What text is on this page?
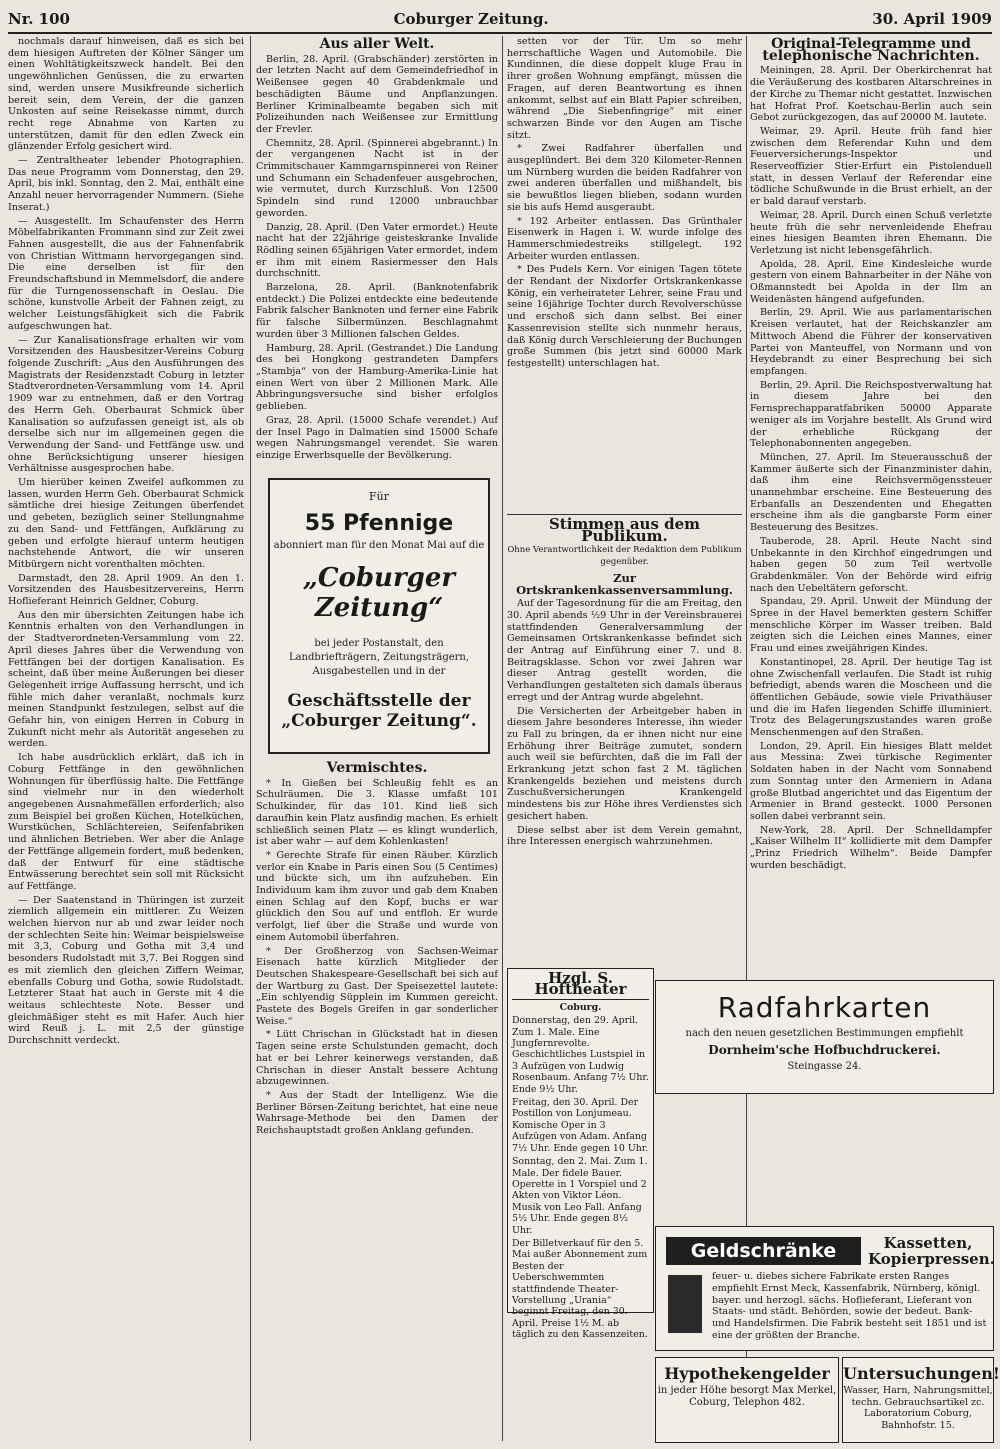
Nr. 100	Coburger Zeitung.	30. April 1909

nochmals darauf hinweisen, daß es sich bei dem hiesigen Auftreten der Kölner Sänger um einen Wohltätigkeitszweck handelt. Bei den ungewöhnlichen Genüssen, die zu erwarten sind, werden unsere Musikfreunde sicherlich bereit sein, dem Verein, der die ganzen Unkosten auf seine Reisekasse nimmt, durch recht rege Abnahme von Karten zu unterstützen, damit für den edlen Zweck ein glänzender Erfolg gesichert wird.

— Zentraltheater lebender Photographien. Das neue Programm vom Donnerstag, den 29. April, bis inkl. Sonntag, den 2. Mai, enthält eine Anzahl neuer hervorragender Nummern. (Siehe Inserat.)

— Ausgestellt. Im Schaufenster des Herrn Möbelfabrikanten Frommann sind zur Zeit zwei Fahnen ausgestellt, die aus der Fahnenfabrik von Christian Wittmann hervorgegangen sind. Die eine derselben ist für den Freundschaftsbund in Memmelsdorf, die andere für die Turngenossenschaft in Oeslau. Die schöne, kunstvolle Arbeit der Fahnen zeigt, zu welcher Leistungsfähigkeit sich die Fabrik aufgeschwungen hat.

— Zur Kanalisationsfrage erhalten wir vom Vorsitzenden des Hausbesitzer-Vereins Coburg folgende Zuschrift: „Aus den Ausführungen des Magistrats der Residenzstadt Coburg in letzter Stadtverordneten-Versammlung vom 14. April 1909 war zu entnehmen, daß er den Vortrag des Herrn Geh. Oberbaurat Schmick über Kanalisation so aufzufassen geneigt ist, als ob derselbe sich nur im allgemeinen gegen die Verwendung der Sand- und Fettfänge usw. und ohne Berücksichtigung unserer hiesigen Verhältnisse ausgesprochen habe.

Um hierüber keinen Zweifel aufkommen zu lassen, wurden Herrn Geh. Oberbaurat Schmick sämtliche drei hiesige Zeitungen überfendet und gebeten, bezüglich seiner Stellungnahme zu den Sand- und Fettfängen, Aufklärung zu geben und erfolgte hierauf unterm heutigen nachstehende Antwort, die wir unseren Mitbürgern nicht vorenthalten möchten.

Darmstadt, den 28. April 1909. An den 1. Vorsitzenden des Hausbesitzervereins, Herrn Hoflieferant Heinrich Geldner, Coburg.

Aus den mir übersichten Zeitungen habe ich Kenntnis erhalten von den Verhandlungen in der Stadtverordneten-Versammlung vom 22. April dieses Jahres über die Verwendung von Fettfängen bei der dortigen Kanalisation. Es scheint, daß über meine Äußerungen bei dieser Gelegenheit irrige Auffassung herrscht, und ich fühle mich daher veranlaßt, nochmals kurz meinen Standpunkt festzulegen, selbst auf die Gefahr hin, von einigen Herren in Coburg in Zukunft nicht mehr als Autorität angesehen zu werden.

Ich habe ausdrücklich erklärt, daß ich in Coburg Fettfänge in den gewöhnlichen Wohnungen für überflüssig halte. Die Fettfänge sind vielmehr nur in den wiederholt angegebenen Ausnahmefällen erforderlich; also zum Beispiel bei großen Küchen, Hotelküchen, Wurstküchen, Schlächtereien, Seifenfabriken und ähnlichen Betrieben. Wer aber die Anlage der Fettfänge allgemein fordert, muß bedenken, daß der Entwurf für eine städtische Entwässerung berechtet sein soll mit Rücksicht auf Fettfänge.

— Der Saatenstand in Thüringen ist zurzeit ziemlich allgemein ein mittlerer. Zu Weizen welchen hiervon nur ab und zwar leider noch der schlechten Seite hin: Weimar beispielsweise mit 3,3, Coburg und Gotha mit 3,4 und besonders Rudolstadt mit 3,7. Bei Roggen sind es mit ziemlich den gleichen Ziffern Weimar, ebenfalls Coburg und Gotha, sowie Rudolstadt. Letzterer Staat hat auch in Gerste mit 4 die weitaus schlechteste Note. Besser und gleichmäßiger steht es mit Hafer. Auch hier wird Reuß j. L. mit 2,5 der günstige Durchschnitt verdeckt.

Aus aller Welt.

Berlin, 28. April. (Grabschänder) zerstörten in der letzten Nacht auf dem Gemeindefriedhof in Weißensee gegen 40 Grabdenkmale und beschädigten Bäume und Anpflanzungen. Berliner Kriminalbeamte begaben sich mit Polizeihunden nach Weißensee zur Ermittlung der Frevler.

Chemnitz, 28. April. (Spinnerei abgebrannt.) In der vergangenen Nacht ist in der Crimmitschauer Kammgarnspinnerei von Reiner und Schumann ein Schadenfeuer ausgebrochen, wie vermutet, durch Kurzschluß. Von 12500 Spindeln sind rund 12000 unbrauchbar geworden.

Danzig, 28. April. (Den Vater ermordet.) Heute nacht hat der 22jährige geisteskranke Invalide Rödling seinen 65jährigen Vater ermordet, indem er ihm mit einem Rasiermesser den Hals durchschnitt.

Barzelona, 28. April. (Banknotenfabrik entdeckt.) Die Polizei entdeckte eine bedeutende Fabrik falscher Banknoten und ferner eine Fabrik für falsche Silbermünzen. Beschlagnahmt wurden über 3 Millionen falschen Geldes.

Hamburg, 28. April. (Gestrandet.) Die Landung des bei Hongkong gestrandeten Dampfers „Stambja“ von der Hamburg-Amerika-Linie hat einen Wert von über 2 Millionen Mark. Alle Abbringungsversuche sind bisher erfolglos geblieben.

Graz, 28. April. (15000 Schafe verendet.) Auf der Insel Pago in Dalmatien sind 15000 Schafe wegen Nahrungsmangel verendet. Sie waren einzige Erwerbsquelle der Bevölkerung.

Für
55 Pfennige
abonniert man für den Monat Mai auf die
„Coburger Zeitung“
bei jeder Postanstalt, den Landbriefträgern, Zeitungsträgern, Ausgabestellen und in der
Geschäftsstelle der „Coburger Zeitung“.
Vermischtes.

* In Gießen bei Schleußig fehlt es an Schulräumen. Die 3. Klasse umfaßt 101 Schulkinder, für das 101. Kind ließ sich daraufhin kein Platz ausfindig machen. Es erhielt schließlich seinen Platz — es klingt wunderlich, ist aber wahr — auf dem Kohlenkasten!

* Gerechte Strafe für einen Räuber. Kürzlich verlor ein Knabe in Paris einen Sou (5 Centimes) und bückte sich, um ihn aufzuheben. Ein Individuum kam ihm zuvor und gab dem Knaben einen Schlag auf den Kopf, buchs er war glücklich den Sou auf und entfloh. Er wurde verfolgt, lief über die Straße und wurde von einem Automobil überfahren.

* Der Großherzog von Sachsen-Weimar Eisenach hatte kürzlich Mitglieder der Deutschen Shakespeare-Gesellschaft bei sich auf der Wartburg zu Gast. Der Speisezettel lautete: „Ein schlyendig Süpplein im Kummen gereicht. Pastete des Bogels Greifen in gar sonderlicher Weise.“

* Lütt Chrischan in Glückstadt hat in diesen Tagen seine erste Schulstunden gemacht, doch hat er bei Lehrer keinerwegs verstanden, daß Chrischan in dieser Anstalt bessere Achtung abzugewinnen.

* Aus der Stadt der Intelligenz. Wie die Berliner Börsen-Zeitung berichtet, hat eine neue Wahrsage-Methode bei den Damen der Reichshauptstadt großen Anklang gefunden.

setten vor der Tür. Um so mehr herrschaftliche Wagen und Automobile. Die Kundinnen, die diese doppelt kluge Frau in ihrer großen Wohnung empfängt, müssen die Fragen, auf deren Beantwortung es ihnen ankommt, selbst auf ein Blatt Papier schreiben, während „Die Siebenfingrige“ mit einer schwarzen Binde vor den Augen am Tische sitzt.

* Zwei Radfahrer überfallen und ausgeplündert. Bei dem 320 Kilometer-Rennen um Nürnberg wurden die beiden Radfahrer von zwei anderen überfallen und mißhandelt, bis sie bewußtlos liegen blieben, sodann wurden sie bis aufs Hemd ausgeraubt.

* 192 Arbeiter entlassen. Das Grünthaler Eisenwerk in Hagen i. W. wurde infolge des Hammerschmiedestreiks stillgelegt. 192 Arbeiter wurden entlassen.

* Des Pudels Kern. Vor einigen Tagen tötete der Rendant der Nixdorfer Ortskrankenkasse König, ein verheirateter Lehrer, seine Frau und seine 16jährige Tochter durch Revolverschüsse und erschoß sich dann selbst. Bei einer Kassenrevision stellte sich nunmehr heraus, daß König durch Verschleierung der Buchungen große Summen (bis jetzt sind 60000 Mark festgestellt) unterschlagen hat.

Stimmen aus dem Publikum.
Ohne Verantwortlichkeit der Redaktion dem Publikum gegenüber.
Zur Ortskrankenkassenversammlung.

Auf der Tagesordnung für die am Freitag, den 30. April abends ½9 Uhr in der Vereinsbrauerei stattfindenden Generalversammlung der Gemeinsamen Ortskrankenkasse befindet sich der Antrag auf Einführung einer 7. und 8. Beitragsklasse. Schon vor zwei Jahren war dieser Antrag gestellt worden, die Verhandlungen gestalteten sich damals überaus erregt und der Antrag wurde abgelehnt.

Die Versicherten der Arbeitgeber haben in diesem Jahre besonderes Interesse, ihn wieder zu Fall zu bringen, da er ihnen nicht nur eine Erhöhung ihrer Beiträge zumutet, sondern auch weil sie befürchten, daß die im Fall der Erkrankung jetzt schon fast 2 M. täglichen Krankengelds beziehen und meistens durch Zuschußversicherungen Krankengeld mindestens bis zur Höhe ihres Verdienstes sich gesichert haben.

Diese selbst aber ist dem Verein gemahnt, ihre Interessen energisch wahrzunehmen.

Hzgl. S. Hoftheater
Coburg.

Donnerstag, den 29. April. Zum 1. Male. Eine Jungfernrevolte. Geschichtliches Lustspiel in 3 Aufzügen von Ludwig Rosenbaum. Anfang 7½ Uhr. Ende 9½ Uhr.

Freitag, den 30. April. Der Postillon von Lonjumeau. Komische Oper in 3 Aufzügen von Adam. Anfang 7½ Uhr. Ende gegen 10 Uhr.

Sonntag, den 2. Mai. Zum 1. Male. Der fidele Bauer. Operette in 1 Vorspiel und 2 Akten von Viktor Léon. Musik von Leo Fall. Anfang 5½ Uhr. Ende gegen 8½ Uhr.

Der Billetverkauf für den 5. Mai außer Abonnement zum Besten der Ueberschwemmten stattfindende Theater-Vorstellung „Urania“ beginnt Freitag, den 30. April. Preise 1½ M. ab täglich zu den Kassenzeiten.

Original-Telegramme und telephonische Nachrichten.

Meiningen, 28. April. Der Oberkirchenrat hat die Veräußerung des kostbaren Altarschreines in der Kirche zu Themar nicht gestattet. Inzwischen hat Hofrat Prof. Koetschau-Berlin auch sein Gebot zurückgezogen, das auf 20000 M. lautete.

Weimar, 29. April. Heute früh fand hier zwischen dem Referendar Kuhn und dem Feuerversicherungs-Inspektor und Reserveoffizier Stier-Erfurt ein Pistolenduell statt, in dessen Verlauf der Referendar eine tödliche Schußwunde in die Brust erhielt, an der er bald darauf verstarb.

Weimar, 28. April. Durch einen Schuß verletzte heute früh die sehr nervenleidende Ehefrau eines hiesigen Beamten ihren Ehemann. Die Verletzung ist nicht lebensgefährlich.

Apolda, 28. April. Eine Kindesleiche wurde gestern von einem Bahnarbeiter in der Nähe von Oßmannstedt bei Apolda in der Ilm an Weidenästen hängend aufgefunden.

Berlin, 29. April. Wie aus parlamentarischen Kreisen verlautet, hat der Reichskanzler am Mittwoch Abend die Führer der konservativen Partei von Manteuffel, von Normann und von Heydebrandt zu einer Besprechung bei sich empfangen.

Berlin, 29. April. Die Reichspostverwaltung hat in diesem Jahre bei den Fernsprechapparatfabriken 50000 Apparate weniger als im Vorjahre bestellt. Als Grund wird der erhebliche Rückgang der Telephonabonnenten angegeben.

München, 27. April. Im Steuerausschuß der Kammer äußerte sich der Finanzminister dahin, daß ihm eine Reichsvermögenssteuer unannehmbar erscheine. Eine Besteuerung des Erbanfalls an Deszendenten und Ehegatten erscheine ihm als die gangbarste Form einer Besteuerung des Besitzes.

Tauberode, 28. April. Heute Nacht sind Unbekannte in den Kirchhof eingedrungen und haben gegen 50 zum Teil wertvolle Grabdenkmäler. Von der Behörde wird eifrig nach den Uebeltätern geforscht.

Spandau, 29. April. Unweit der Mündung der Spree in der Havel bemerkten gestern Schiffer menschliche Körper im Wasser treiben. Bald zeigten sich die Leichen eines Mannes, einer Frau und eines zweijährigen Kindes.

Konstantinopel, 28. April. Der heutige Tag ist ohne Zwischenfall verlaufen. Die Stadt ist ruhig befriedigt, abends waren die Moscheen und die öffentlichen Gebäude, sowie viele Privathäuser und die im Hafen liegenden Schiffe illuminiert. Trotz des Belagerungszustandes waren große Menschenmengen auf den Straßen.

London, 29. April. Ein hiesiges Blatt meldet aus Messina: Zwei türkische Regimenter Soldaten haben in der Nacht vom Sonnabend zum Sonntag unter den Armeniern in Adana große Blutbad angerichtet und das Eigentum der Armenier in Brand gesteckt. 1000 Personen sollen dabei verbrannt sein.

New-York, 28. April. Der Schnelldampfer „Kaiser Wilhelm II“ kollidierte mit dem Dampfer „Prinz Friedrich Wilhelm“. Beide Dampfer wurden beschädigt.

Radfahrkarten
nach den neuen gesetzlichen Bestimmungen empfiehlt
Dornheim'sche Hofbuchdruckerei.
Steingasse 24.
Geldschränke	Kassetten, Kopierpressen.
feuer- u. diebes sichere Fabrikate ersten Ranges empfiehlt Ernst Meck, Kassenfabrik, Nürnberg, königl. bayer. und herzogl. sächs. Hoflieferant, Lieferant von Staats- und städt. Behörden, sowie der bedeut. Bank- und Handelsfirmen. Die Fabrik besteht seit 1851 und ist eine der größten der Branche.
Hypothekengelder
in jeder Höhe besorgt Max Merkel, Coburg, Telephon 482.
Untersuchungen!
Wasser, Harn, Nahrungsmittel, techn. Gebrauchsartikel zc. Laboratorium Coburg, Bahnhofstr. 15.
